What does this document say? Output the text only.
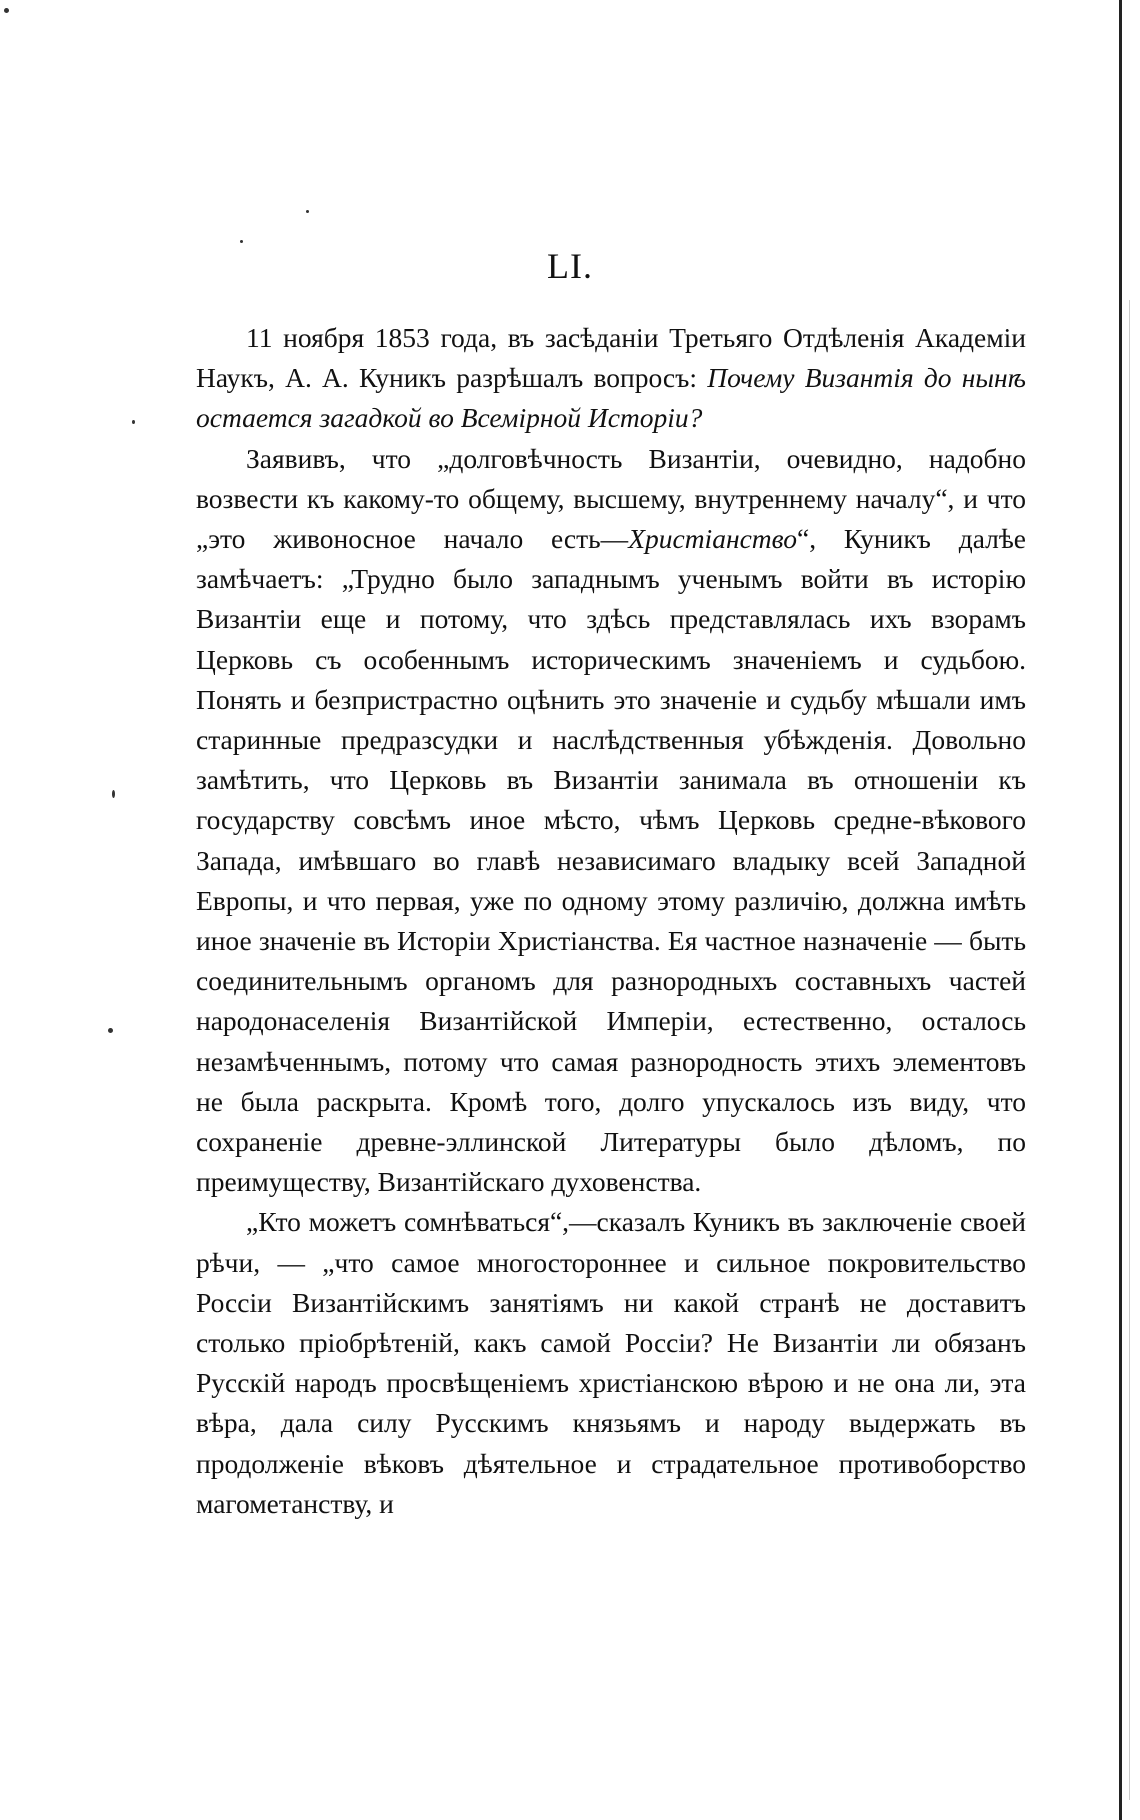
LI.

11 ноября 1853 года, въ засѣданіи Третьяго Отдѣленія Академіи Наукъ, А. А. Куникъ разрѣшалъ вопросъ: Почему Византія до нынѣ остается загадкой во Всемірной Исторіи?

Заявивъ, что „долговѣчность Византіи, очевидно, надобно возвести къ какому-то общему, высшему, внутреннему началу“, и что „это живоносное начало есть—Христіанство“, Куникъ далѣе замѣчаетъ: „Трудно было западнымъ ученымъ войти въ исторію Византіи еще и потому, что здѣсь представлялась ихъ взорамъ Церковь съ особеннымъ историческимъ значеніемъ и судьбою. Понять и безпристрастно оцѣнить это значеніе и судьбу мѣшали имъ старинные предразсудки и наслѣдственныя убѣжденія. Довольно замѣтить, что Церковь въ Византіи занимала въ отношеніи къ государству совсѣмъ иное мѣсто, чѣмъ Церковь средне-вѣкового Запада, имѣвшаго во главѣ независимаго владыку всей Западной Европы, и что первая, уже по одному этому различію, должна имѣть иное значеніе въ Исторіи Христіанства. Ея частное назначеніе — быть соединительнымъ органомъ для разнородныхъ составныхъ частей народонаселенія Византійской Имперіи, естественно, осталось незамѣченнымъ, потому что самая разнородность этихъ элементовъ не была раскрыта. Кромѣ того, долго упускалось изъ виду, что сохраненіе древне-эллинской Литературы было дѣломъ, по преимуществу, Византійскаго духовенства.

„Кто можетъ сомнѣваться“,—сказалъ Куникъ въ заключеніе своей рѣчи, — „что самое многостороннее и сильное покровительство Россіи Византійскимъ занятіямъ ни какой странѣ не доставитъ столько пріобрѣтеній, какъ самой Россіи? Не Византіи ли обязанъ Русскій народъ просвѣщеніемъ христіанскою вѣрою и не она ли, эта вѣра, дала силу Русскимъ князьямъ и народу выдержать въ продолженіе вѣковъ дѣятельное и страдательное противоборство магометанству, и
